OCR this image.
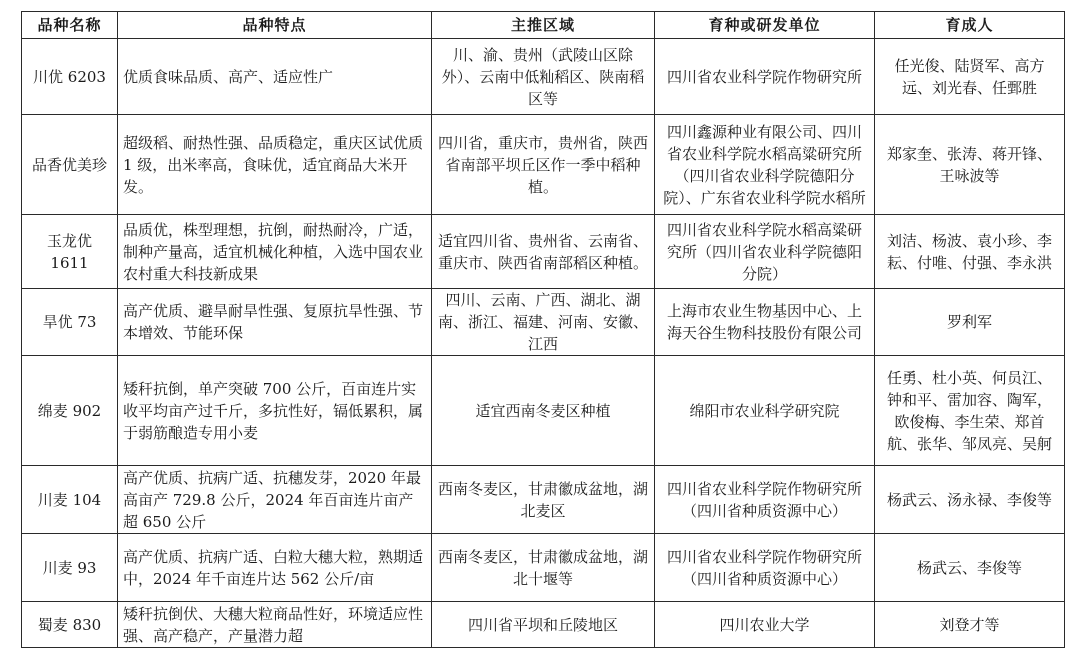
品种名称	品种特点	主推区域	育种或研发单位	育成人
川优 6203	优质食味品质、高产、适应性广	川、渝、贵州（武陵山区除外）、云南中低籼稻区、陕南稻区等	四川省农业科学院作物研究所	任光俊、陆贤军、高方远、刘光春、任鄄胜
品香优美珍	超级稻、耐热性强、品质稳定，重庆区试优质 1 级，出米率高，食味优，适宜商品大米开发。	四川省，重庆市，贵州省，陕西省南部平坝丘区作一季中稻种植。	四川鑫源种业有限公司、四川省农业科学院水稻高粱研究所（四川省农业科学院德阳分院）、广东省农业科学院水稻所	郑家奎、张涛、蒋开锋、王咏波等
玉龙优 1611	品质优，株型理想，抗倒，耐热耐冷，广适，制种产量高，适宜机械化种植，入选中国农业农村重大科技新成果	适宜四川省、贵州省、云南省、重庆市、陕西省南部稻区种植。	四川省农业科学院水稻高粱研究所（四川省农业科学院德阳分院）	刘洁、杨波、袁小珍、李耘、付唯、付强、李永洪
旱优 73	高产优质、避旱耐旱性强、复原抗旱性强、节本增效、节能环保	四川、云南、广西、湖北、湖南、浙江、福建、河南、安徽、江西	上海市农业生物基因中心、上海天谷生物科技股份有限公司	罗利军
绵麦 902	矮秆抗倒，单产突破 700 公斤，百亩连片实收平均亩产过千斤，多抗性好，镉低累积，属于弱筋酿造专用小麦	适宜西南冬麦区种植	绵阳市农业科学研究院	任勇、杜小英、何员江、钟和平、雷加容、陶军，欧俊梅、李生荣、郑首航、张华、邹凤亮、吴舸
川麦 104	高产优质、抗病广适、抗穗发芽，2020 年最高亩产 729.8 公斤，2024 年百亩连片亩产超 650 公斤	西南冬麦区，甘肃徽成盆地，湖北麦区	四川省农业科学院作物研究所（四川省种质资源中心）	杨武云、汤永禄、李俊等
川麦 93	高产优质、抗病广适、白粒大穗大粒，熟期适中，2024 年千亩连片达 562 公斤/亩	西南冬麦区，甘肃徽成盆地，湖北十堰等	四川省农业科学院作物研究所（四川省种质资源中心）	杨武云、李俊等
蜀麦 830	矮秆抗倒伏、大穗大粒商品性好，环境适应性强、高产稳产，产量潜力超	四川省平坝和丘陵地区	四川农业大学	刘登才等
